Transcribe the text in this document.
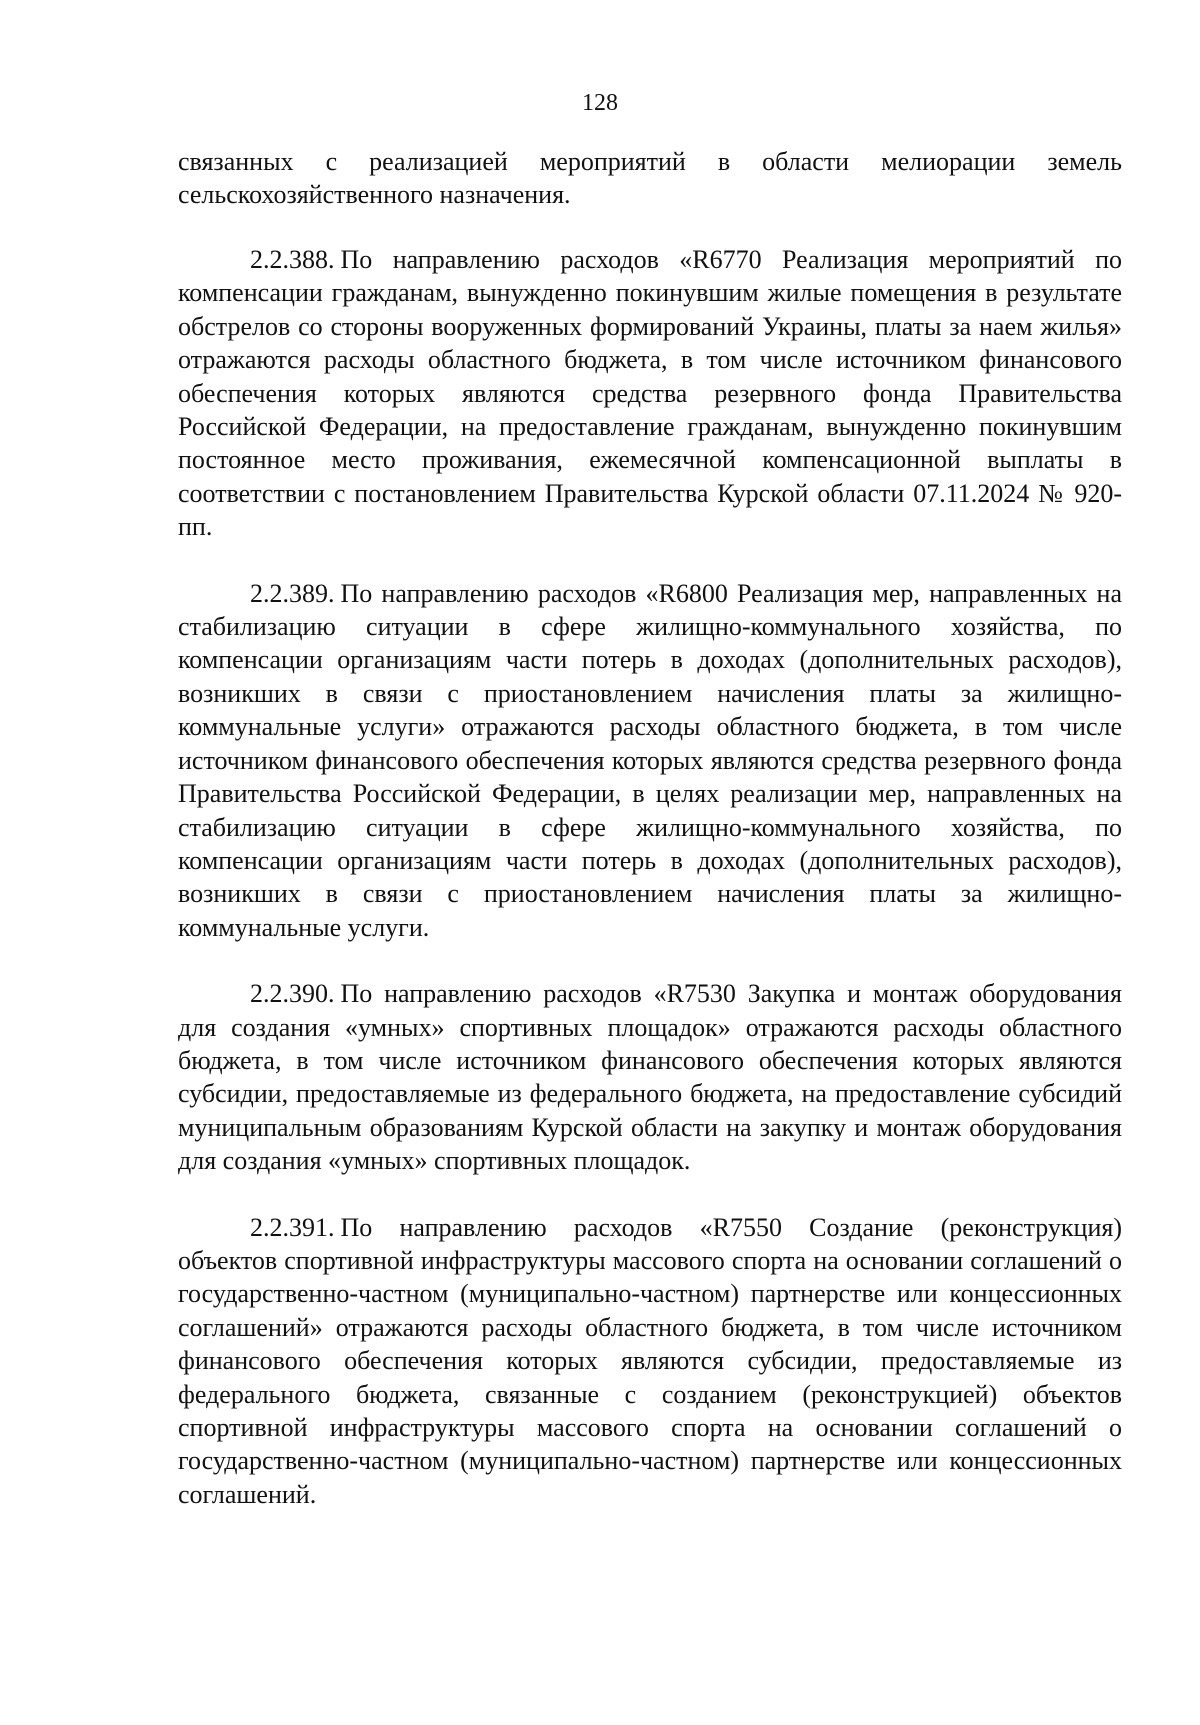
128
связанных с реализацией мероприятий в области мелиорации земель сельскохозяйственного назначения.

2.2.388. По направлению расходов «R6770 Реализация мероприятий по компенсации гражданам, вынужденно покинувшим жилые помещения в результате обстрелов со стороны вооруженных формирований Украины, платы за наем жилья» отражаются расходы областного бюджета, в том числе источником финансового обеспечения которых являются средства резервного фонда Правительства Российской Федерации, на предоставление гражданам, вынужденно покинувшим постоянное место проживания, ежемесячной компенсационной выплаты в соответствии с постановлением Правительства Курской области 07.11.2024 № 920-пп.

2.2.389. По направлению расходов «R6800 Реализация мер, направленных на стабилизацию ситуации в сфере жилищно-коммунального хозяйства, по компенсации организациям части потерь в доходах (дополнительных расходов), возникших в связи с приостановлением начисления платы за жилищно-коммунальные услуги» отражаются расходы областного бюджета, в том числе источником финансового обеспечения которых являются средства резервного фонда Правительства Российской Федерации, в целях реализации мер, направленных на стабилизацию ситуации в сфере жилищно-коммунального хозяйства, по компенсации организациям части потерь в доходах (дополнительных расходов), возникших в связи с приостановлением начисления платы за жилищно-коммунальные услуги.

2.2.390. По направлению расходов «R7530 Закупка и монтаж оборудования для создания «умных» спортивных площадок» отражаются расходы областного бюджета, в том числе источником финансового обеспечения которых являются субсидии, предоставляемые из федерального бюджета, на предоставление субсидий муниципальным образованиям Курской области на закупку и монтаж оборудования для создания «умных» спортивных площадок.

2.2.391. По направлению расходов «R7550 Создание (реконструкция) объектов спортивной инфраструктуры массового спорта на основании соглашений о государственно-частном (муниципально-частном) партнерстве или концессионных соглашений» отражаются расходы областного бюджета, в том числе источником финансового обеспечения которых являются субсидии, предоставляемые из федерального бюджета, связанные с созданием (реконструкцией) объектов спортивной инфраструктуры массового спорта на основании соглашений о государственно-частном (муниципально-частном) партнерстве или концессионных соглашений.
